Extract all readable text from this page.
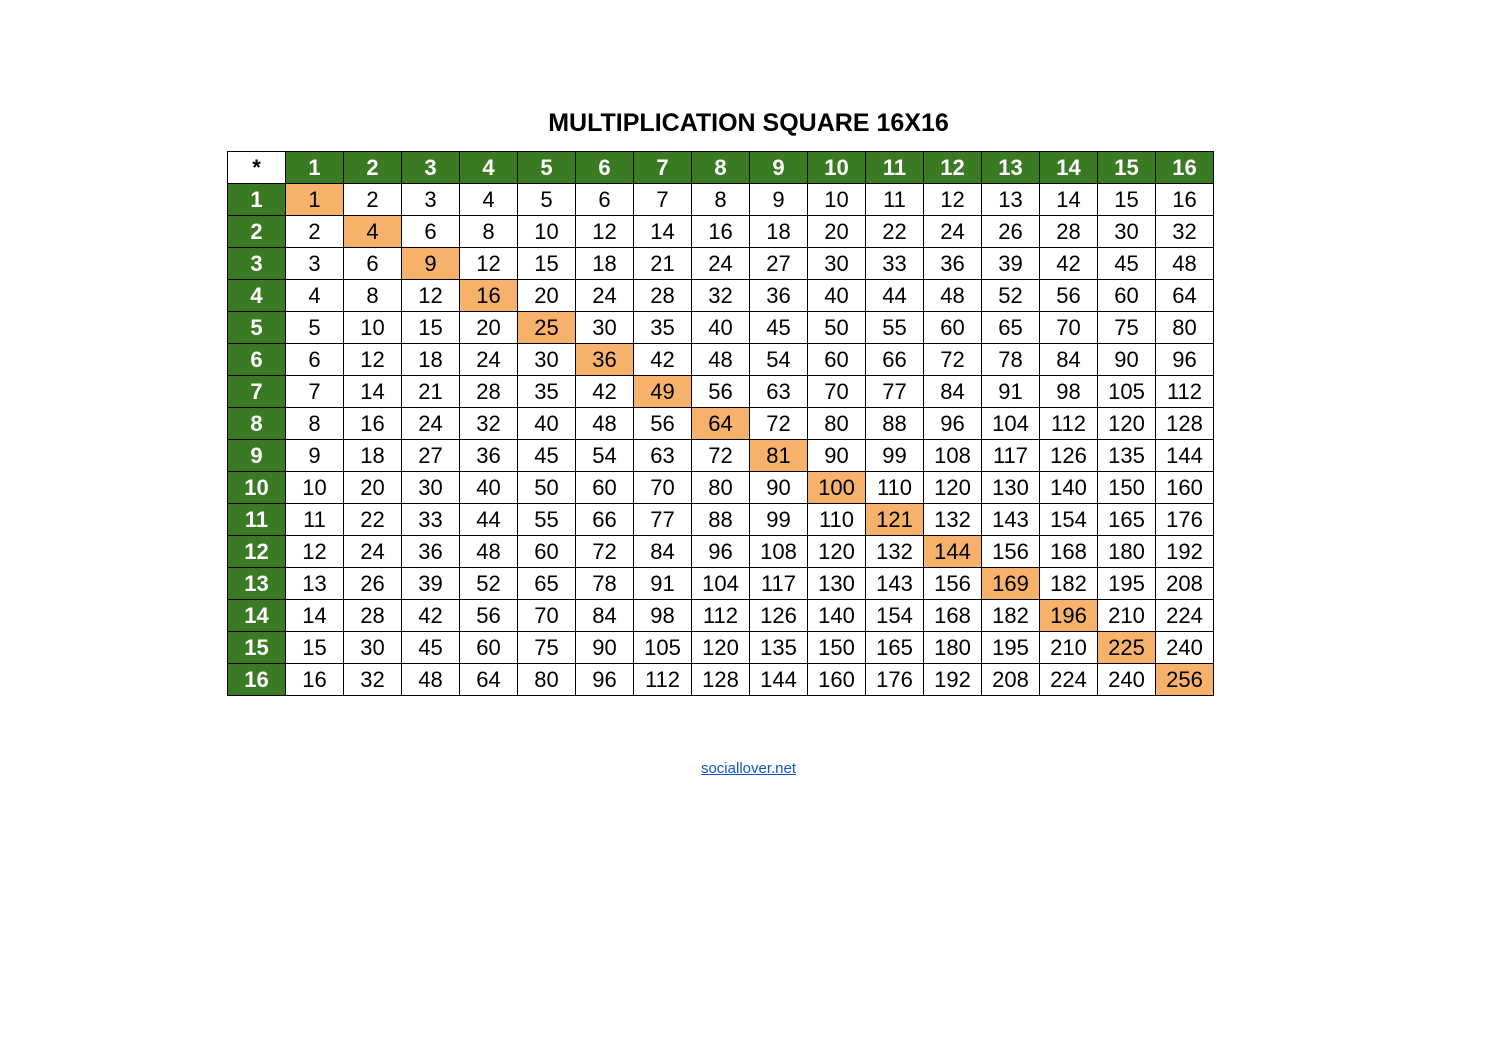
MULTIPLICATION SQUARE 16X16
*	1	2	3	4	5	6	7	8	9	10	11	12	13	14	15	16
1	1	2	3	4	5	6	7	8	9	10	11	12	13	14	15	16
2	2	4	6	8	10	12	14	16	18	20	22	24	26	28	30	32
3	3	6	9	12	15	18	21	24	27	30	33	36	39	42	45	48
4	4	8	12	16	20	24	28	32	36	40	44	48	52	56	60	64
5	5	10	15	20	25	30	35	40	45	50	55	60	65	70	75	80
6	6	12	18	24	30	36	42	48	54	60	66	72	78	84	90	96
7	7	14	21	28	35	42	49	56	63	70	77	84	91	98	105	112
8	8	16	24	32	40	48	56	64	72	80	88	96	104	112	120	128
9	9	18	27	36	45	54	63	72	81	90	99	108	117	126	135	144
10	10	20	30	40	50	60	70	80	90	100	110	120	130	140	150	160
11	11	22	33	44	55	66	77	88	99	110	121	132	143	154	165	176
12	12	24	36	48	60	72	84	96	108	120	132	144	156	168	180	192
13	13	26	39	52	65	78	91	104	117	130	143	156	169	182	195	208
14	14	28	42	56	70	84	98	112	126	140	154	168	182	196	210	224
15	15	30	45	60	75	90	105	120	135	150	165	180	195	210	225	240
16	16	32	48	64	80	96	112	128	144	160	176	192	208	224	240	256
sociallover.net
